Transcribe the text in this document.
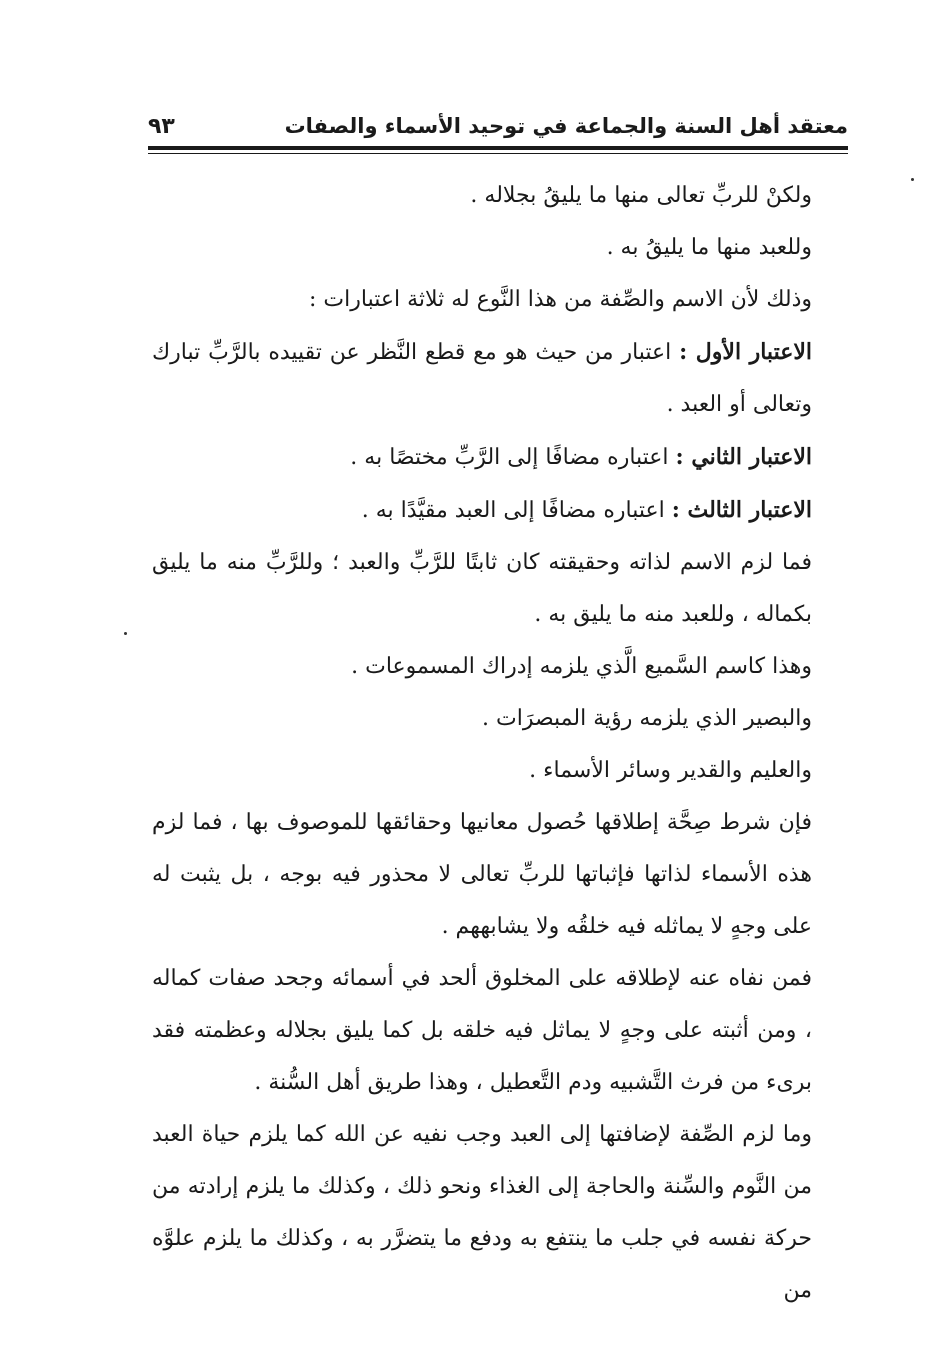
معتقد أهل السنة والجماعة في توحيد الأسماء والصفات
٩٣

ولكنْ للربِّ تعالى منها ما يليقُ بجلاله .

وللعبد منها ما يليقُ به .

وذلك لأن الاسم والصِّفة من هذا النَّوع له ثلاثة اعتبارات :

الاعتبار الأول : اعتبار من حيث هو مع قطع النَّظر عن تقييده بالرَّبِّ تبارك وتعالى أو العبد .

الاعتبار الثاني : اعتباره مضافًا إلى الرَّبِّ مختصًا به .

الاعتبار الثالث : اعتباره مضافًا إلى العبد مقيَّدًا به .

فما لزم الاسم لذاته وحقيقته كان ثابتًا للرَّبِّ والعبد ؛ وللرَّبِّ منه ما يليق بكماله ، وللعبد منه ما يليق به .

وهذا كاسم السَّميع الَّذي يلزمه إدراك المسموعات .

والبصير الذي يلزمه رؤية المبصرَات .

والعليم والقدير وسائر الأسماء .

فإن شرط صِحَّة إطلاقها حُصول معانيها وحقائقها للموصوف بها ، فما لزم هذه الأسماء لذاتها فإثباتها للربِّ تعالى لا محذور فيه بوجه ، بل يثبت له على وجهٍ لا يماثله فيه خلقُه ولا يشابههم .

فمن نفاه عنه لإطلاقه على المخلوق ألحد في أسمائه وجحد صفات كماله ، ومن أثبته على وجهٍ لا يماثل فيه خلقه بل كما يليق بجلاله وعظمته فقد برىء من فرث التَّشبيه ودم التَّعطيل ، وهذا طريق أهل السُّنة .

وما لزم الصِّفة لإضافتها إلى العبد وجب نفيه عن الله كما يلزم حياة العبد من النَّوم والسِّنة والحاجة إلى الغذاء ونحو ذلك ، وكذلك ما يلزم إرادته من حركة نفسه في جلب ما ينتفع به ودفع ما يتضرَّر به ، وكذلك ما يلزم علوَّه من
